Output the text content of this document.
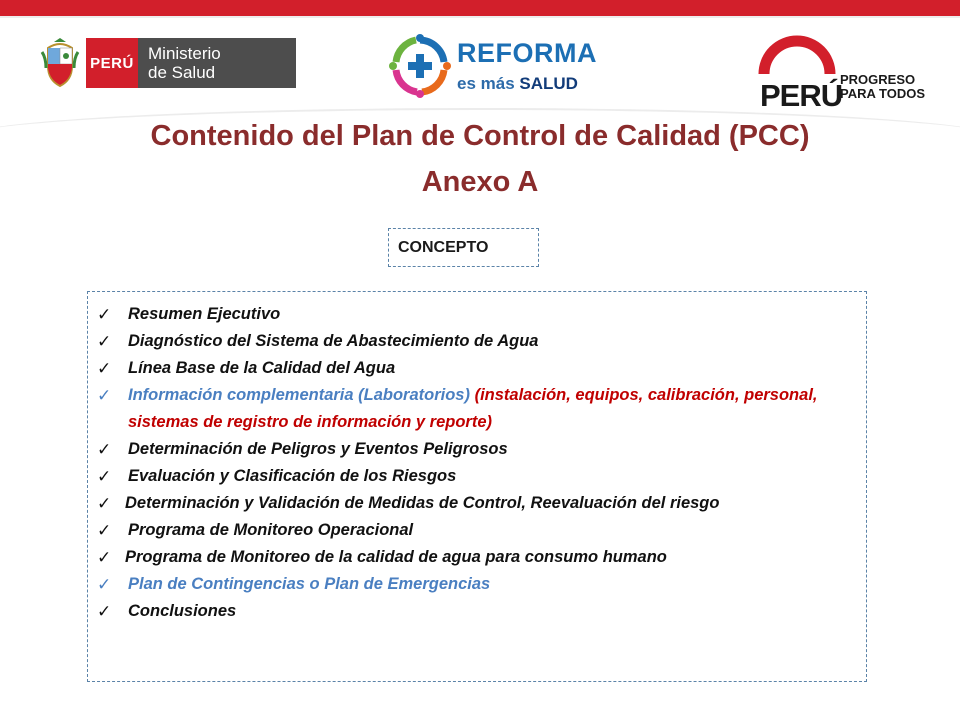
PERÚ Ministerio
de Salud
REFORMA
es más SALUD	PERÚ
PROGRESO
PARA TODOS
Contenido del Plan de Control de Calidad (PCC)
Anexo A
CONCEPTO
✓ Resumen Ejecutivo
✓ Diagnóstico del Sistema de Abastecimiento de Agua
✓ Línea Base de la Calidad del Agua
✓ Información complementaria (Laboratorios) (instalación, equipos, calibración, personal, sistemas de registro de información y reporte)
✓ Determinación de Peligros y Eventos Peligrosos
✓ Evaluación y Clasificación de los Riesgos
✓ Determinación y Validación de Medidas de Control, Reevaluación del riesgo
✓ Programa de Monitoreo Operacional
✓ Programa de Monitoreo de la calidad de agua para consumo humano
✓ Plan de Contingencias o Plan de Emergencias
✓ Conclusiones
